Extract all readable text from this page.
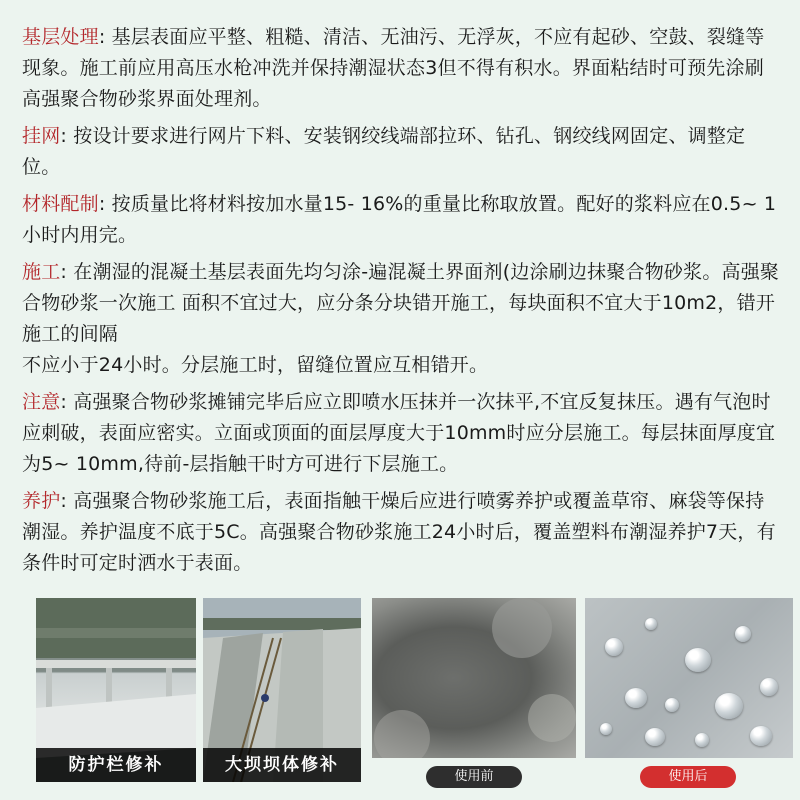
基层处理: 基层表面应平整、粗糙、清洁、无油污、无浮灰，不应有起砂、空鼓、裂缝等现象。施工前应用高压水枪冲洗并保持潮湿状态3但不得有积水。界面粘结时可预先涂刷高强聚合物砂浆界面处理剂。

挂网: 按设计要求进行网片下料、安装钢绞线端部拉环、钻孔、钢绞线网固定、调整定位。

材料配制: 按质量比将材料按加水量15- 16%的重量比称取放置。配好的浆料应在0.5~ 1小时内用完。

施工: 在潮湿的混凝土基层表面先均匀涂-遍混凝土界面剂(边涂刷边抹聚合物砂浆。高强聚合物砂浆一次施工 面积不宜过大，应分条分块错开施工，每块面积不宜大于10m2，错开施工的间隔
不应小于24小时。分层施工时，留缝位置应互相错开。

注意: 高强聚合物砂浆摊铺完毕后应立即喷水压抹并一次抹平,不宜反复抹压。遇有气泡时应刺破，表面应密实。立面或顶面的面层厚度大于10mm时应分层施工。每层抹面厚度宜为5~ 10mm,待前-层指触干时方可进行下层施工。

养护: 高强聚合物砂浆施工后，表面指触干燥后应进行喷雾养护或覆盖草帘、麻袋等保持潮湿。养护温度不底于5C。高强聚合物砂浆施工24小时后，覆盖塑料布潮湿养护7天，有条件时可定时洒水于表面。

防护栏修补	大坝坝体修补
使用前	使用后
